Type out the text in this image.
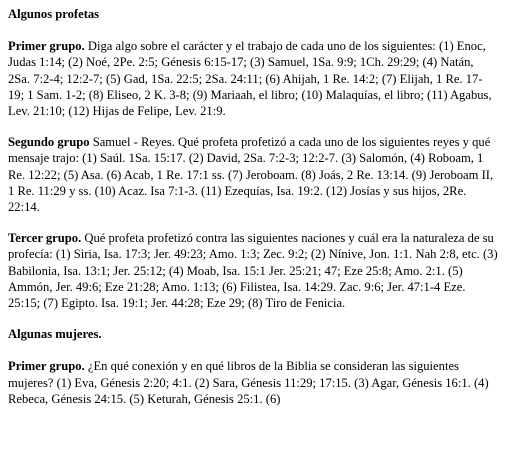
Algunos profetas

Primer grupo. Diga algo sobre el carácter y el trabajo de cada uno de los siguientes: (1) Enoc, Judas 1:14; (2) Noé, 2Pe. 2:5; Génesis 6:15-17; (3) Samuel, 1Sa. 9:9; 1Ch. 29:29; (4) Natán, 2Sa. 7:2-4; 12:2-7; (5) Gad, 1Sa. 22:5; 2Sa. 24:11; (6) Ahijah, 1 Re. 14:2; (7) Elijah, 1 Re. 17-19; 1 Sam. 1-2; (8) Eliseo, 2 K. 3-8; (9) Mariaah, el libro; (10) Malaquías, el libro; (11) Agabus, Lev. 21:10; (12) Hijas de Felipe, Lev. 21:9.

Segundo grupo Samuel - Reyes. Qué profeta profetizó a cada uno de los siguientes reyes y qué mensaje trajo: (1) Saúl. 1Sa. 15:17. (2) David, 2Sa. 7:2-3; 12:2-7. (3) Salomón, (4) Roboam, 1 Re. 12:22; (5) Asa. (6) Acab, 1 Re. 17:1 ss. (7) Jeroboam. (8) Joás, 2 Re. 13:14. (9) Jeroboam II, 1 Re. 11:29 y ss. (10) Acaz. Isa 7:1-3. (11) Ezequías, Isa. 19:2. (12) Josías y sus hijos, 2Re. 22:14.

Tercer grupo. Qué profeta profetizó contra las siguientes naciones y cuál era la naturaleza de su profecía: (1) Siria, Isa. 17:3; Jer. 49:23; Amo. 1:3; Zec. 9:2; (2) Nínive, Jon. 1:1. Nah 2:8, etc. (3) Babilonia, Isa. 13:1; Jer. 25:12; (4) Moab, Isa. 15:1 Jer. 25:21; 47; Eze 25:8; Amo. 2:1. (5) Ammón, Jer. 49:6; Eze 21:28; Amo. 1:13; (6) Filistea, Isa. 14:29. Zac. 9:6; Jer. 47:1-4 Eze. 25:15; (7) Egipto. Isa. 19:1; Jer. 44:28; Eze 29; (8) Tiro de Fenicia.

Algunas mujeres.

Primer grupo. ¿En qué conexión y en qué libros de la Biblia se consideran las siguientes mujeres? (1) Eva, Génesis 2:20; 4:1. (2) Sara, Génesis 11:29; 17:15. (3) Agar, Génesis 16:1. (4) Rebeca, Génesis 24:15. (5) Keturah, Génesis 25:1. (6)
